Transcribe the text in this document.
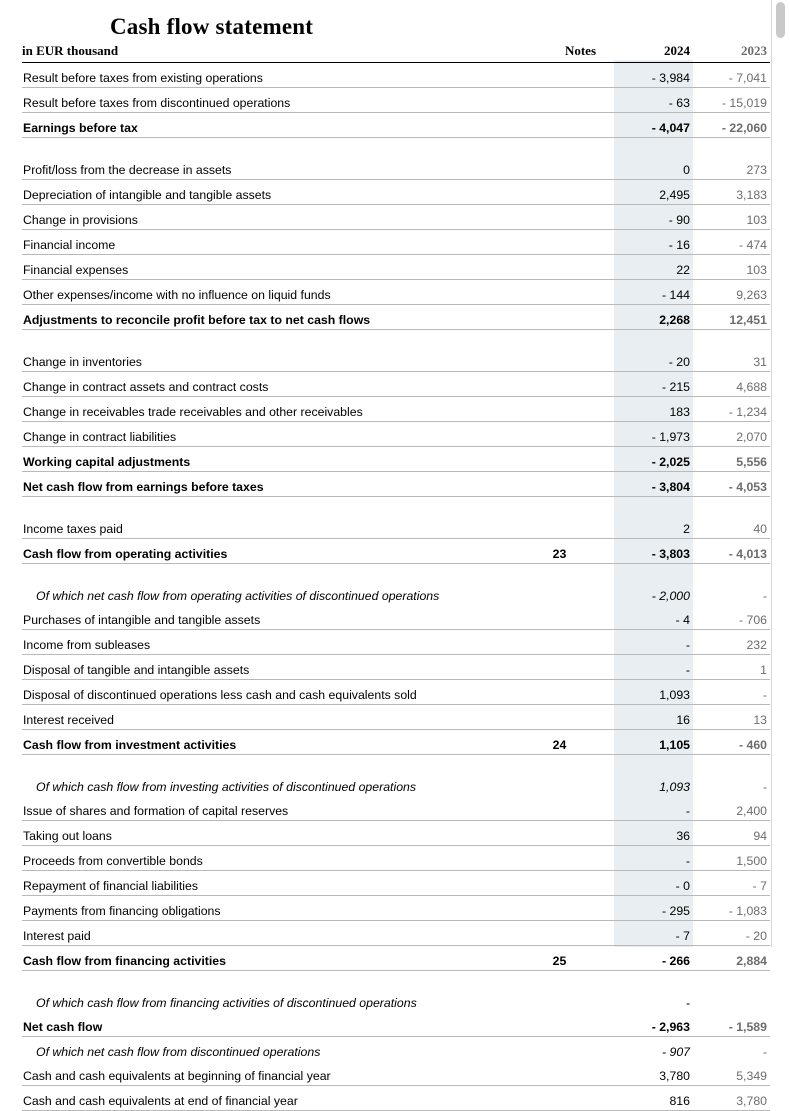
Cash flow statement
in EUR thousand	Notes	2024	2023
Result before taxes from existing operations		- 3,984	- 7,041
Result before taxes from discontinued operations		- 63	- 15,019
Earnings before tax		- 4,047	- 22,060

Profit/loss from the decrease in assets		0	273
Depreciation of intangible and tangible assets		2,495	3,183
Change in provisions		- 90	103
Financial income		- 16	- 474
Financial expenses		22	103
Other expenses/income with no influence on liquid funds		- 144	9,263
Adjustments to reconcile profit before tax to net cash flows		2,268	12,451

Change in inventories		- 20	31
Change in contract assets and contract costs		- 215	4,688
Change in receivables trade receivables and other receivables		183	- 1,234
Change in contract liabilities		- 1,973	2,070
Working capital adjustments		- 2,025	5,556
Net cash flow from earnings before taxes		- 3,804	- 4,053

Income taxes paid		2	40
Cash flow from operating activities	23	- 3,803	- 4,013

Of which net cash flow from operating activities of discontinued operations		- 2,000	-
Purchases of intangible and tangible assets		- 4	- 706
Income from subleases		-	232
Disposal of tangible and intangible assets		-	1
Disposal of discontinued operations less cash and cash equivalents sold		1,093	-
Interest received		16	13
Cash flow from investment activities	24	1,105	- 460

Of which cash flow from investing activities of discontinued operations		1,093	-
Issue of shares and formation of capital reserves		-	2,400
Taking out loans		36	94
Proceeds from convertible bonds		-	1,500
Repayment of financial liabilities		- 0	- 7
Payments from financing obligations		- 295	- 1,083
Interest paid		- 7	- 20
Cash flow from financing activities	25	- 266	2,884

Of which cash flow from financing activities of discontinued operations		-	
Net cash flow		- 2,963	- 1,589
Of which net cash flow from discontinued operations		- 907	-
Cash and cash equivalents at beginning of financial year		3,780	5,349
Cash and cash equivalents at end of financial year		816	3,780
